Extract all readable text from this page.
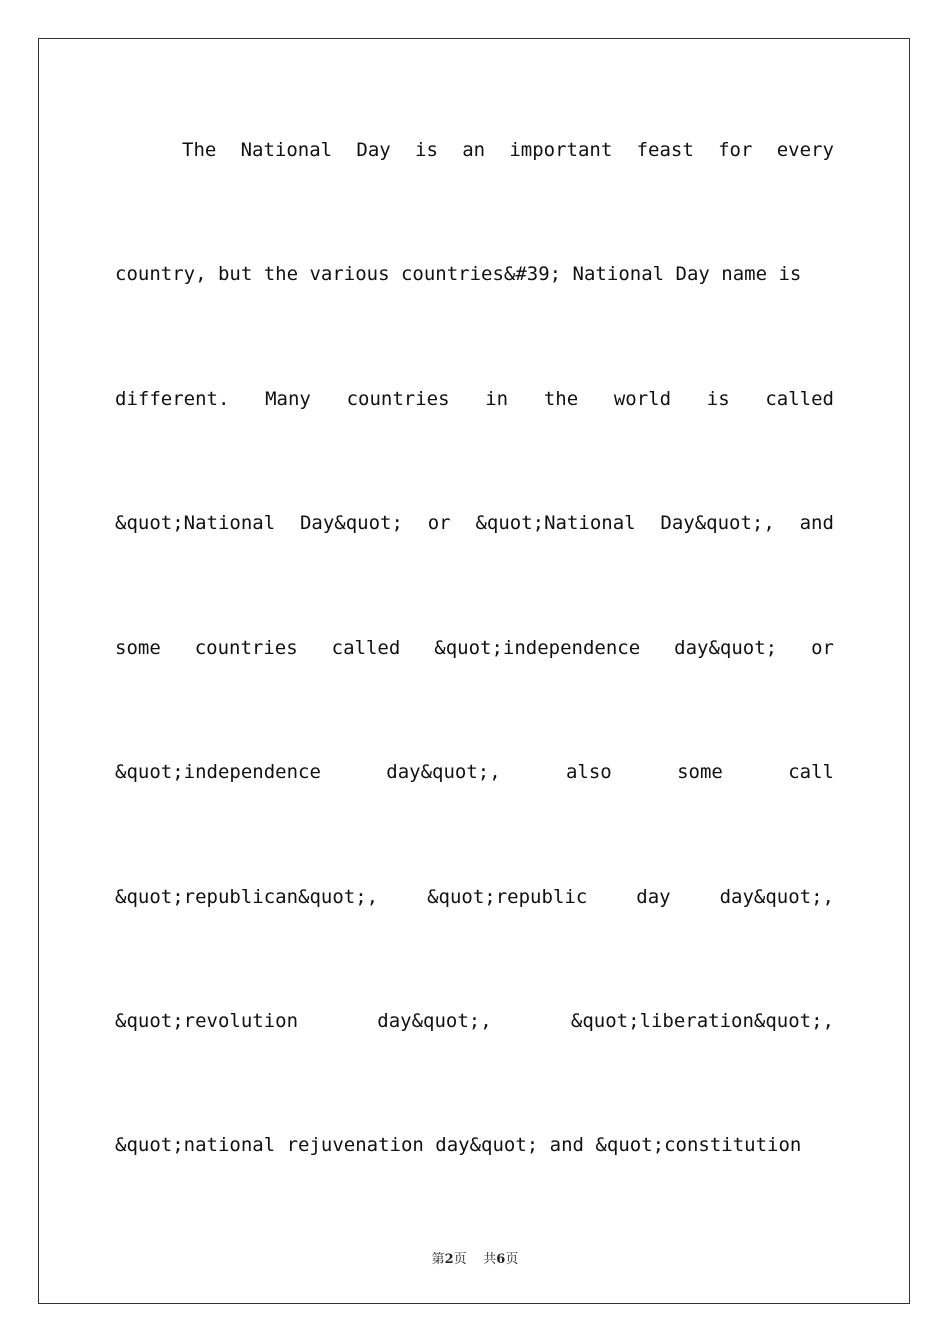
The National Day is an important feast for every
country, but the various countries&#39; National Day name is
different. Many countries in the world is called
&quot;National Day&quot; or &quot;National Day&quot;, and
some countries called &quot;independence day&quot; or
&quot;independence	day&quot;,	also	some	call
&quot;republican&quot;,	&quot;republic	day	day&quot;,
&quot;revolution	day&quot;,	&quot;liberation&quot;,
&quot;national rejuvenation day&quot; and &quot;constitution
第2页 共6页
